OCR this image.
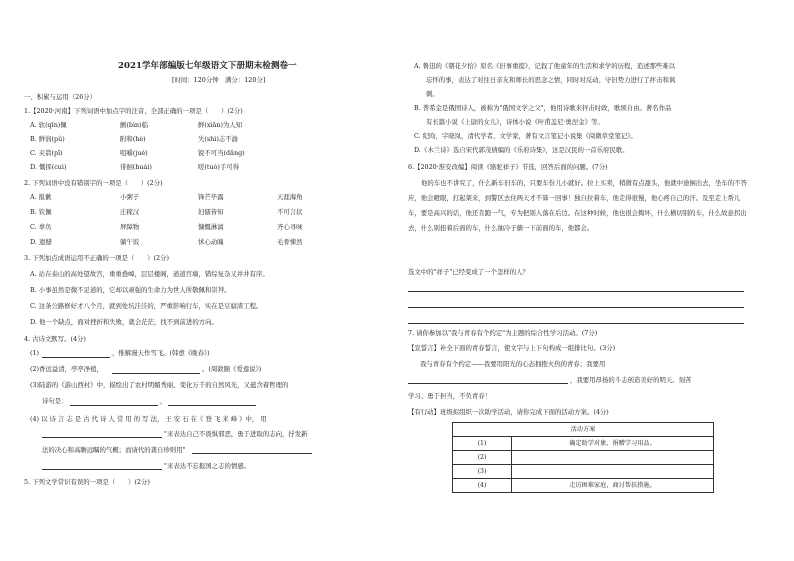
2021学年部编版七年级语文下册期末检测卷一
[时间：120分钟　满分：120分]
一、积累与运用（26分）
1.【2020·河南】下列词语中加点字的注音，全部正确的一项是（　　）(2分)
A. 软(qīn)佩	颤(bìn)临	鲜(xiǎn)为人知
B. 鲜润(pǔ)	附和(hè)	失(shì)志不渝
C. 夹箭(pī)	咀嚼(jué)	锐不可当(dǎng)
D. 慨挥(cuì)	徘徊(huái)	嗟(tuò)手可得
2. 下列词语中没有错别字的一项是（　　）(2分)
A. 报歉	小粥子	锋芒毕露	天涯海角
B. 钦佩	庄稼汉	妇儒皆知	不可言状
C. 辜负	屏障物	慷慨淋漓	齐心寻味
D. 遗撼	躺午饭	怵心动魄	毛骨悚然
3. 下列加点成语运用不正确的一项是（　　）(2分)
A. 站在泰山的高处望故宫，重重叠嶂，层层楼阁，道道宫墙，错综复杂又井井有序。
B. 小事虽然是微不足道的，它却以顽强的生命力为世人所敬佩和崇拜。
C. 这条公路修好才八个月，就到处坑洼洼的，严重影响行车，实在是豆腐渣工程。
D. 他一个缺点，面对挫折和失败，就会茫茫，找不到前进的方向。
4. 古诗文默写。(4分)
(1)	，惟解漫天作雪飞。(韩愈《晚春》)
(2)香远益清，亭亭净植，	。(周敦颐《爱莲说》)
(3)陆游的《游山西村》中，描绘出了农村明媚秀丽、变化万千的自然风光，又蕴含着哲理的
诗句是：	，
(4) 以 诗 言 志 是 古 代 诗 人 常 用 的 写 法， 王 安 石 在《 登 飞 来 峰 》中， 用
"来表达自己不畏惧邪恶，勇于进取的志向，抒发新
法的决心和高瞻远瞩的气概；而请代的龚自珍则用"
"来表达不忘报国之志的情感。
5. 下列文学常识有误的一项是（　　）(2分)
A. 鲁迅的《朝花夕拾》原名《旧事重提》，记叙了他童年的生活和求学的历程，追述那些难以
忘怀的事，表达了对往日亲友和师长的思念之情，同时对反动、守旧势力进行了抨击和讽
刺。
B. 普希金是俄国诗人，被称为"俄国文学之父"，他用诗歌来抨击时政，歌颂自由。著名作品
有长篇小说《上尉的女儿》，诗体小说《叶甫盖尼·奥涅金》等。
C. 纪昀，字晓岚，清代学者、文学家，著有文言笔记小说集《阅微草堂笔记》。
D.《木兰诗》选自宋代郭茂倩编的《乐府诗集》，这是汉民的一首乐府民歌。
6.【2020·淮安改编】阅读《骆驼祥子》节选，回答后面的问题。(7分)
他的车也不讲究了，什么新车旧车的，只要车份儿小就好。拉上买卖，稍微有点甜头，他就中途倒出去，坐车的不答应，他会瞪眼，打起架来，到警区去住两天才不算一回事！独自拉着车，他走得很慢，他心疼自己的汗。及至走上帮儿车，要是高兴的话，他还肯跑一气，专为把别人落在后边。在这种时候，他也很会掏坏，什么横切别的车，什么故意拐出去，什么别扭着后面的车，什么抽冷子搪一下前面的车，他都会。
选文中的"祥子"已经变成了一个怎样的人？
7. 请你参加以"我与青春有个约定"为主题的综合性学习活动。(7分)
【宣誓言】补全下面的青春誓言，使文字与上下句构成一组排比句。(3分)
我与青春有个约定——我要用阳光的心态拥抱火热的青春；我要用
，我要用昂扬的斗志创造美好的明天。刻苦
学习、勇于担当，不负青春！
【有行动】班级拟组织一次助学活动，请你完成下面的活动方案。(4分)
活动方案	
(1)	确定助学对象，捐赠学习用品。
(2)	
(3)	
(4)	走访困难家庭，商讨帮扶措施。
